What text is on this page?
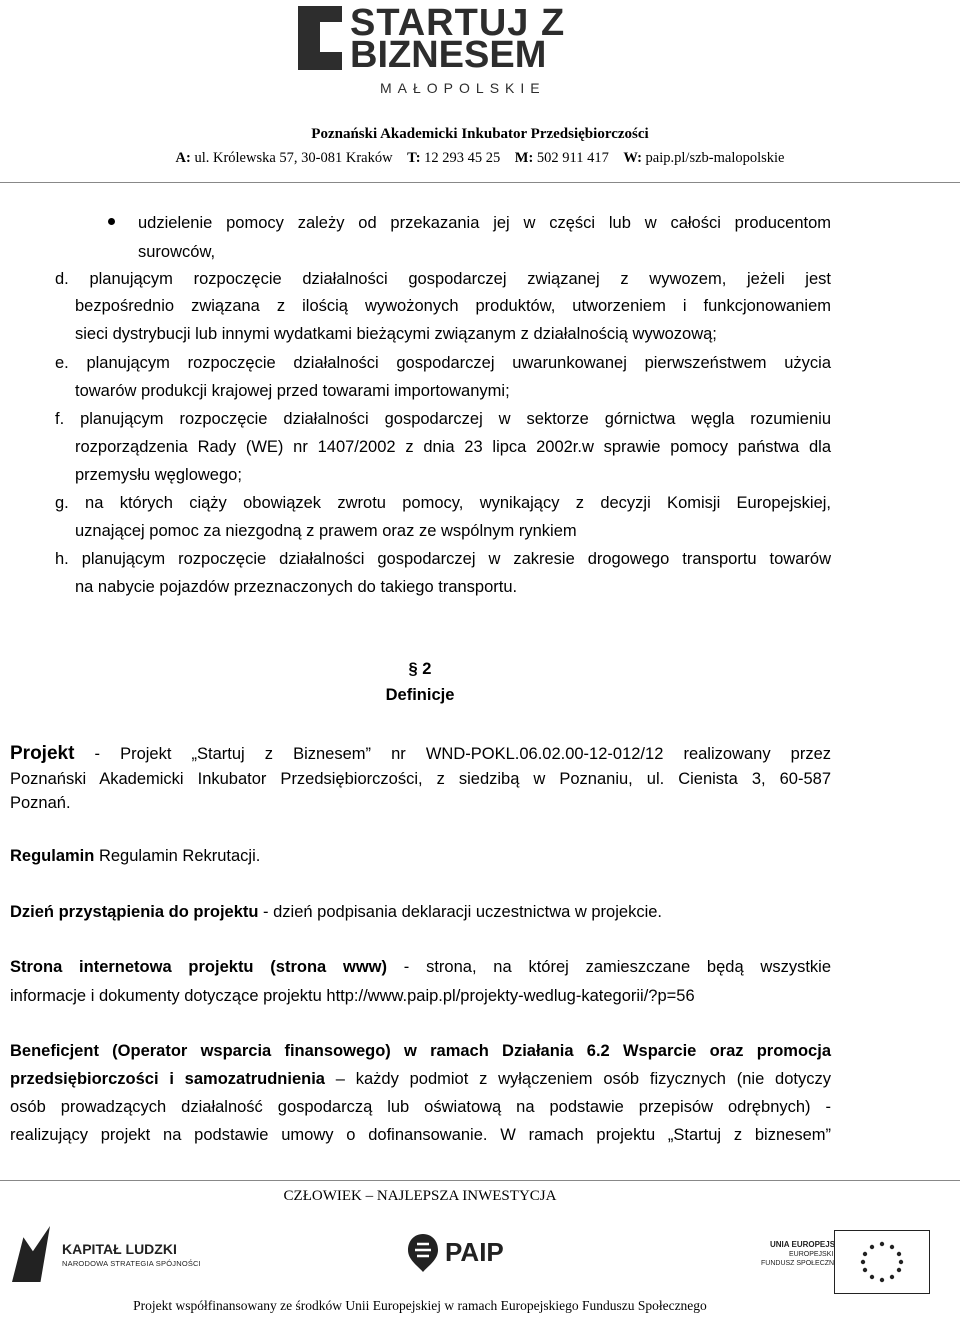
STARTUJ Z
BIZNESEM
MAŁOPOLSKIE
Poznański Akademicki Inkubator Przedsiębiorczości
A: ul. Królewska 57, 30-081 Kraków T: 12 293 45 25 M: 502 911 417 W: paip.pl/szb-malopolskie
udzielenie pomocy zależy od przekazania jej w części lub w całości producentom
surowców,
d. planującym rozpoczęcie działalności gospodarczej związanej z wywozem, jeżeli jest
bezpośrednio związana z ilością wywożonych produktów, utworzeniem i funkcjonowaniem
sieci dystrybucji lub innymi wydatkami bieżącymi związanym z działalnością wywozową;
e. planującym rozpoczęcie działalności gospodarczej uwarunkowanej pierwszeństwem użycia
towarów produkcji krajowej przed towarami importowanymi;
f. planującym rozpoczęcie działalności gospodarczej w sektorze górnictwa węgla rozumieniu
rozporządzenia Rady (WE) nr 1407/2002 z dnia 23 lipca 2002r.w sprawie pomocy państwa dla
przemysłu węglowego;
g. na których ciąży obowiązek zwrotu pomocy, wynikający z decyzji Komisji Europejskiej,
uznającej pomoc za niezgodną z prawem oraz ze wspólnym rynkiem
h. planującym rozpoczęcie działalności gospodarczej w zakresie drogowego transportu towarów
na nabycie pojazdów przeznaczonych do takiego transportu.
§ 2
Definicje
Projekt - Projekt „Startuj z Biznesem” nr WND-POKL.06.02.00-12-012/12 realizowany przez
Poznański Akademicki Inkubator Przedsiębiorczości, z siedzibą w Poznaniu, ul. Cienista 3, 60-587
Poznań.
Regulamin Regulamin Rekrutacji.
Dzień przystąpienia do projektu - dzień podpisania deklaracji uczestnictwa w projekcie.
Strona internetowa projektu (strona www) - strona, na której zamieszczane będą wszystkie
informacje i dokumenty dotyczące projektu http://www.paip.pl/projekty-wedlug-kategorii/?p=56
Beneficjent (Operator wsparcia finansowego) w ramach Działania 6.2 Wsparcie oraz promocja
przedsiębiorczości i samozatrudnienia – każdy podmiot z wyłączeniem osób fizycznych (nie dotyczy
osób prowadzących działalność gospodarczą lub oświatową na podstawie przepisów odrębnych) -
realizujący projekt na podstawie umowy o dofinansowanie. W ramach projektu „Startuj z biznesem”
CZŁOWIEK – NAJLEPSZA INWESTYCJA
KAPITAŁ LUDZKI
NARODOWA STRATEGIA SPÓJNOŚCI	PAIP	UNIA EUROPEJSKA
EUROPEJSKI
FUNDUSZ SPOŁECZNY
Projekt współfinansowany ze środków Unii Europejskiej w ramach Europejskiego Funduszu Społecznego
